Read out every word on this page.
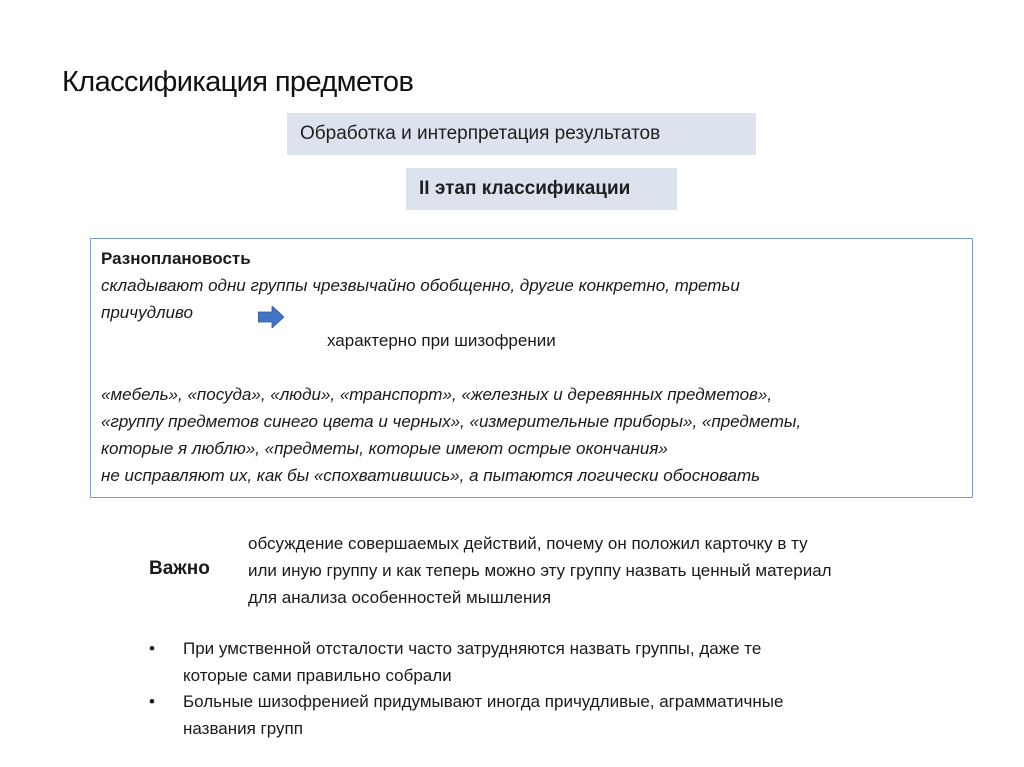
Классификация предметов
Обработка и интерпретация результатов
II этап классификации
Разноплановость
складывают одни группы чрезвычайно обобщенно, другие конкретно, третьи
причудливо
характерно при шизофрении
«мебель», «посуда», «люди», «транспорт», «железных и деревянных предметов»,
«группу предметов синего цвета и черных», «измерительные приборы», «предметы,
которые я люблю», «предметы, которые имеют острые окончания»
не исправляют их, как бы «спохватившись», а пытаются логически обосновать
Важно
обсуждение совершаемых действий, почему он положил карточку в ту
или иную группу и как теперь можно эту группу назвать ценный материал
для анализа особенностей мышления
• При умственной отсталости часто затрудняются назвать группы, даже те
которые сами правильно собрали
• Больные шизофренией придумывают иногда причудливые, аграмматичные
названия групп
